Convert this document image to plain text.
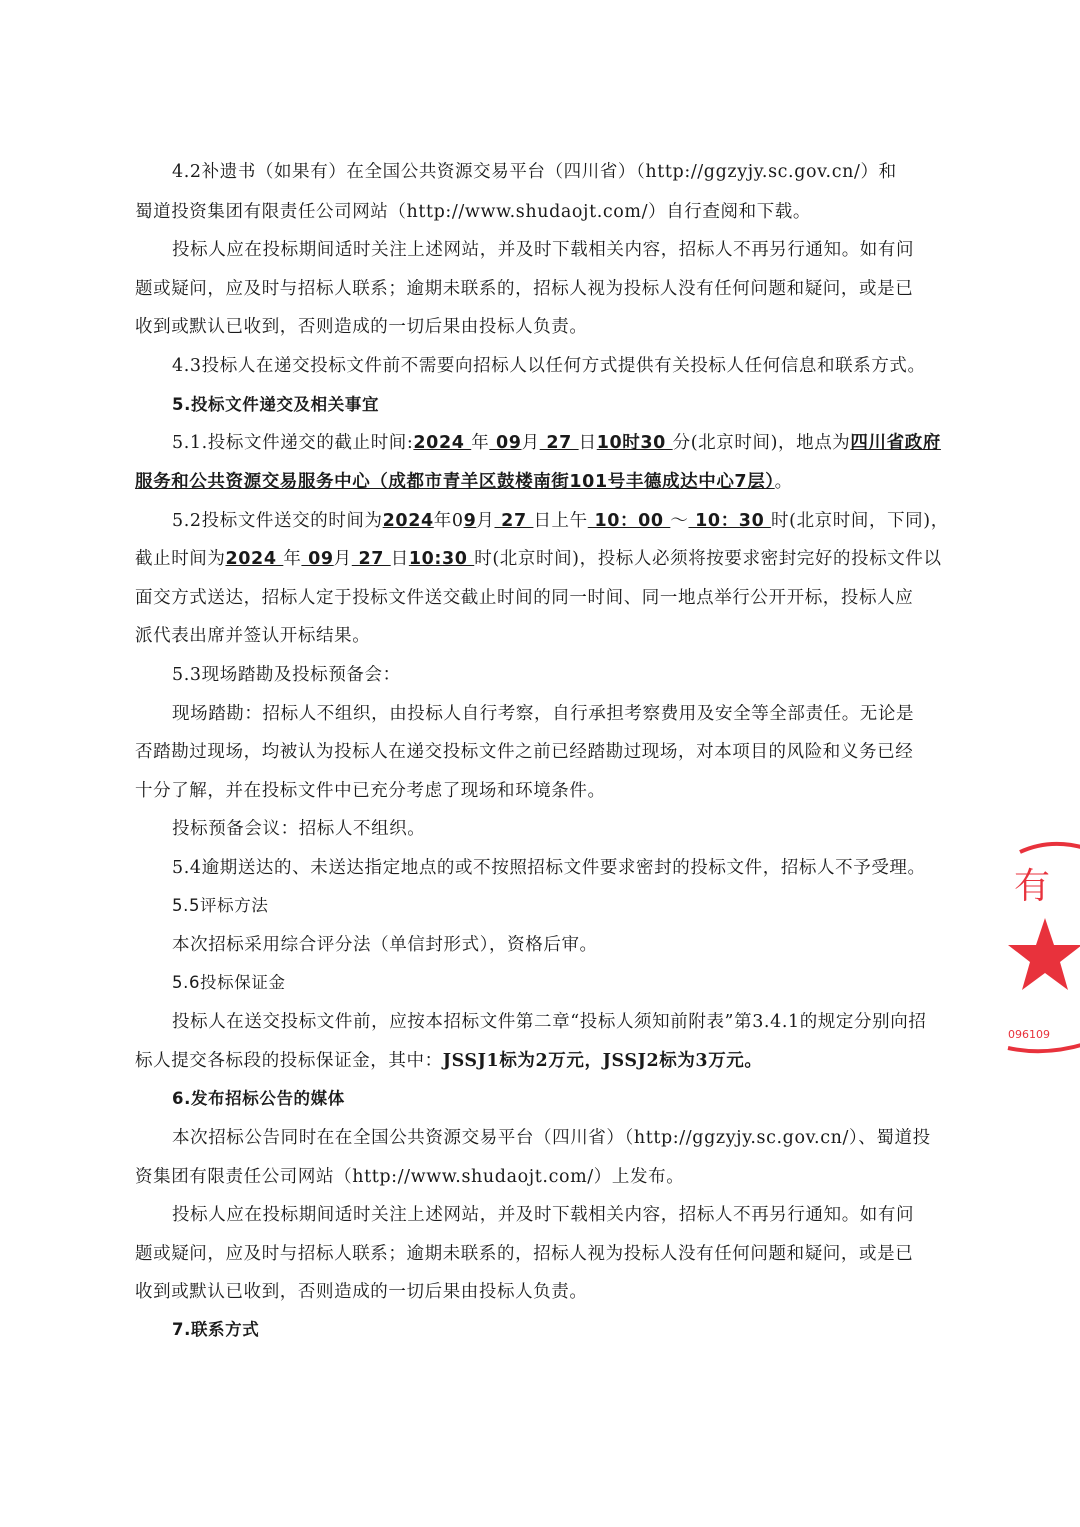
4.2补遗书（如果有）在全国公共资源交易平台（四川省）（http://ggzyjy.sc.gov.cn/）和
蜀道投资集团有限责任公司网站（http://www.shudaojt.com/）自行查阅和下载。
投标人应在投标期间适时关注上述网站，并及时下载相关内容，招标人不再另行通知。如有问
题或疑问，应及时与招标人联系；逾期未联系的，招标人视为投标人没有任何问题和疑问，或是已
收到或默认已收到，否则造成的一切后果由投标人负责。
4.3投标人在递交投标文件前不需要向招标人以任何方式提供有关投标人任何信息和联系方式。
5.投标文件递交及相关事宜
5.1.投标文件递交的截止时间:2024 年 09月 27 日10时30 分(北京时间)，地点为四川省政府
服务和公共资源交易服务中心（成都市青羊区鼓楼南街101号丰德成达中心7层）。
5.2投标文件送交的时间为2024年09月 27 日上午 10：00 ～ 10：30 时(北京时间，下同)，
截止时间为2024 年 09月 27 日10:30 时(北京时间)，投标人必须将按要求密封完好的投标文件以
面交方式送达，招标人定于投标文件送交截止时间的同一时间、同一地点举行公开开标，投标人应
派代表出席并签认开标结果。
5.3现场踏勘及投标预备会：
现场踏勘：招标人不组织，由投标人自行考察，自行承担考察费用及安全等全部责任。无论是
否踏勘过现场，均被认为投标人在递交投标文件之前已经踏勘过现场，对本项目的风险和义务已经
十分了解，并在投标文件中已充分考虑了现场和环境条件。
投标预备会议：招标人不组织。
5.4逾期送达的、未送达指定地点的或不按照招标文件要求密封的投标文件，招标人不予受理。
5.5评标方法
本次招标采用综合评分法（单信封形式），资格后审。
5.6投标保证金
投标人在送交投标文件前，应按本招标文件第二章“投标人须知前附表”第3.4.1的规定分别向招
标人提交各标段的投标保证金，其中：JSSJ1标为2万元，JSSJ2标为3万元。
6.发布招标公告的媒体
本次招标公告同时在在全国公共资源交易平台（四川省）（http://ggzyjy.sc.gov.cn/）、蜀道投
资集团有限责任公司网站（http://www.shudaojt.com/）上发布。
投标人应在投标期间适时关注上述网站，并及时下载相关内容，招标人不再另行通知。如有问
题或疑问，应及时与招标人联系；逾期未联系的，招标人视为投标人没有任何问题和疑问，或是已
收到或默认已收到，否则造成的一切后果由投标人负责。
7.联系方式
有
096109
